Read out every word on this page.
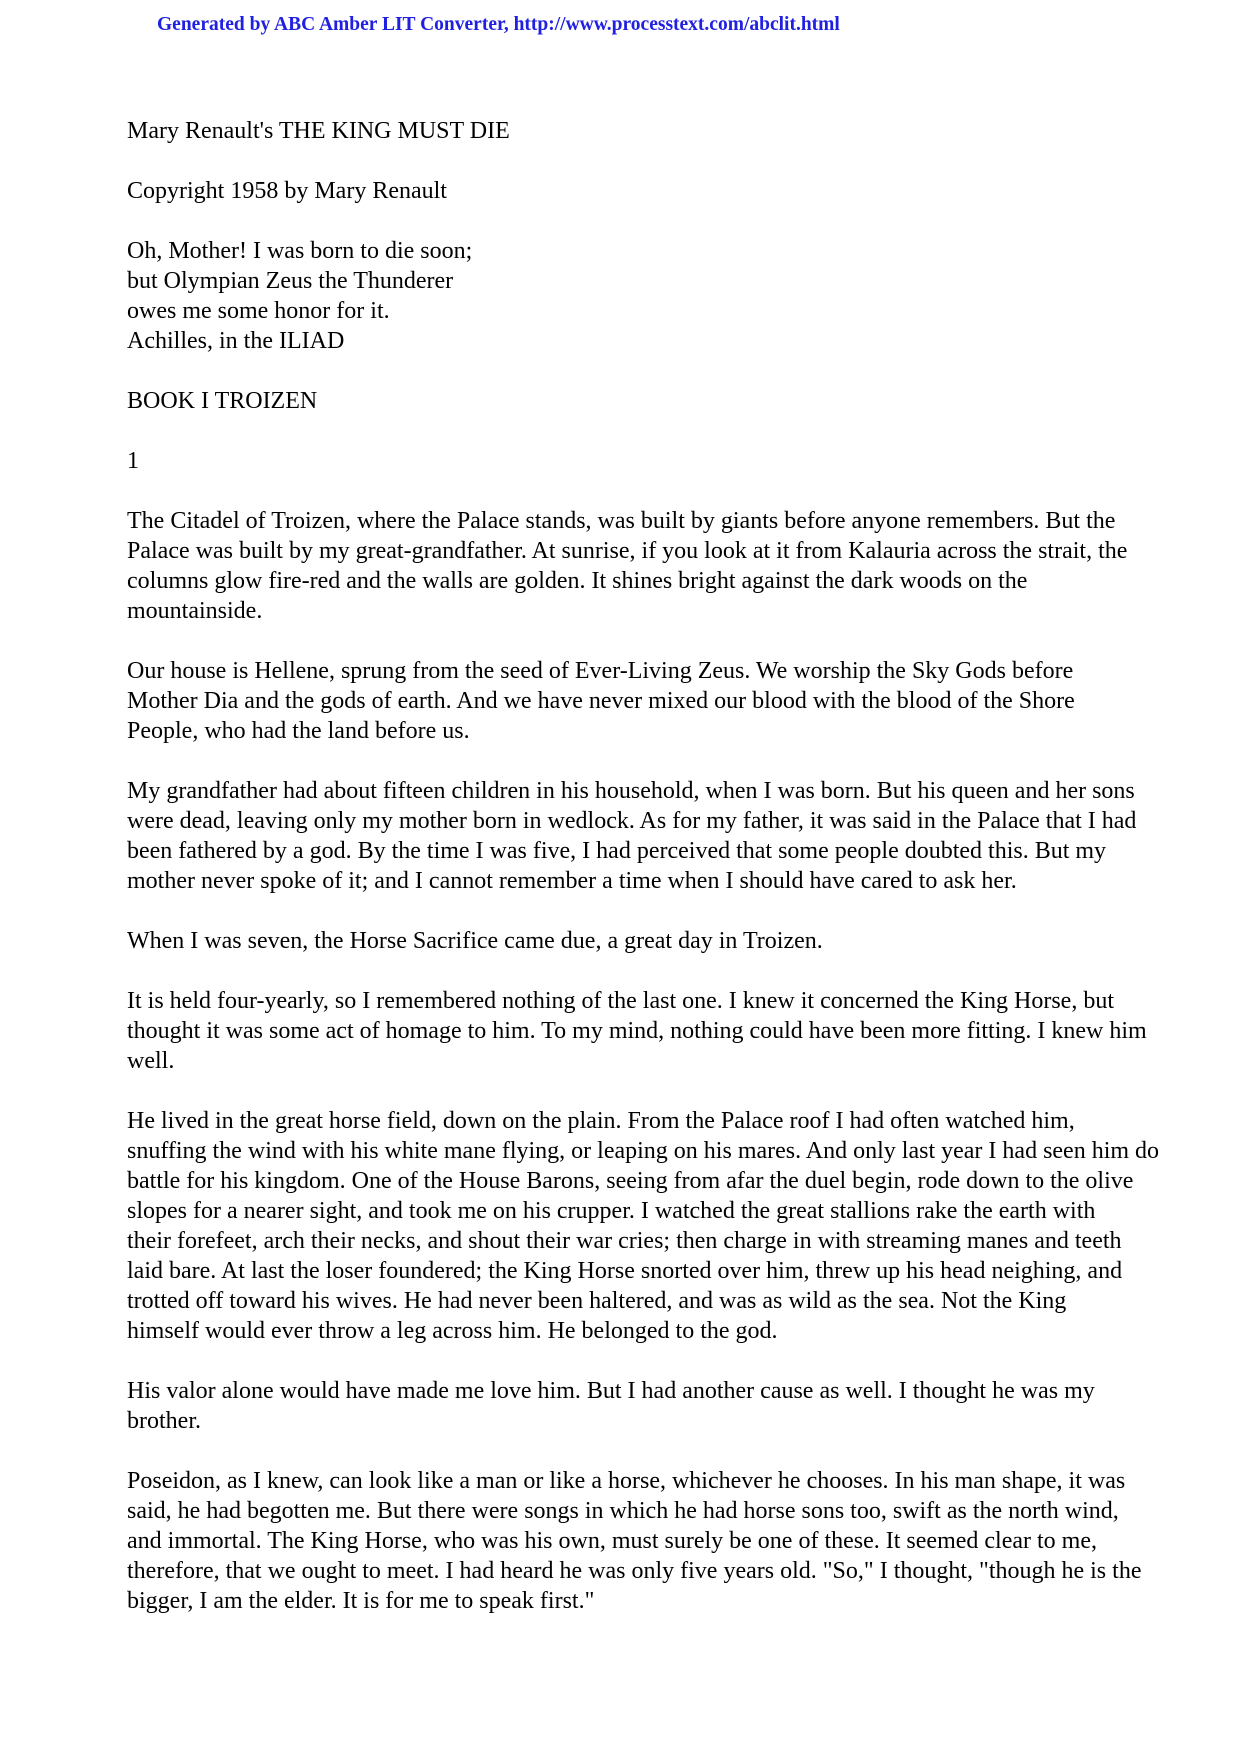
Generated by ABC Amber LIT Converter, http://www.processtext.com/abclit.html

Mary Renault's THE KING MUST DIE

Copyright 1958 by Mary Renault

Oh, Mother! I was born to die soon;
but Olympian Zeus the Thunderer
owes me some honor for it.
Achilles, in the ILIAD

BOOK I TROIZEN

1

The Citadel of Troizen, where the Palace stands, was built by giants before anyone remembers. But the
Palace was built by my great-grandfather. At sunrise, if you look at it from Kalauria across the strait, the
columns glow fire-red and the walls are golden. It shines bright against the dark woods on the
mountainside.
Our house is Hellene, sprung from the seed of Ever-Living Zeus. We worship the Sky Gods before
Mother Dia and the gods of earth. And we have never mixed our blood with the blood of the Shore
People, who had the land before us.
My grandfather had about fifteen children in his household, when I was born. But his queen and her sons
were dead, leaving only my mother born in wedlock. As for my father, it was said in the Palace that I had
been fathered by a god. By the time I was five, I had perceived that some people doubted this. But my
mother never spoke of it; and I cannot remember a time when I should have cared to ask her.
When I was seven, the Horse Sacrifice came due, a great day in Troizen.
It is held four-yearly, so I remembered nothing of the last one. I knew it concerned the King Horse, but
thought it was some act of homage to him. To my mind, nothing could have been more fitting. I knew him
well.
He lived in the great horse field, down on the plain. From the Palace roof I had often watched him,
snuffing the wind with his white mane flying, or leaping on his mares. And only last year I had seen him do
battle for his kingdom. One of the House Barons, seeing from afar the duel begin, rode down to the olive
slopes for a nearer sight, and took me on his crupper. I watched the great stallions rake the earth with
their forefeet, arch their necks, and shout their war cries; then charge in with streaming manes and teeth
laid bare. At last the loser foundered; the King Horse snorted over him, threw up his head neighing, and
trotted off toward his wives. He had never been haltered, and was as wild as the sea. Not the King
himself would ever throw a leg across him. He belonged to the god.
His valor alone would have made me love him. But I had another cause as well. I thought he was my
brother.
Poseidon, as I knew, can look like a man or like a horse, whichever he chooses. In his man shape, it was
said, he had begotten me. But there were songs in which he had horse sons too, swift as the north wind,
and immortal. The King Horse, who was his own, must surely be one of these. It seemed clear to me,
therefore, that we ought to meet. I had heard he was only five years old. "So," I thought, "though he is the
bigger, I am the elder. It is for me to speak first."
